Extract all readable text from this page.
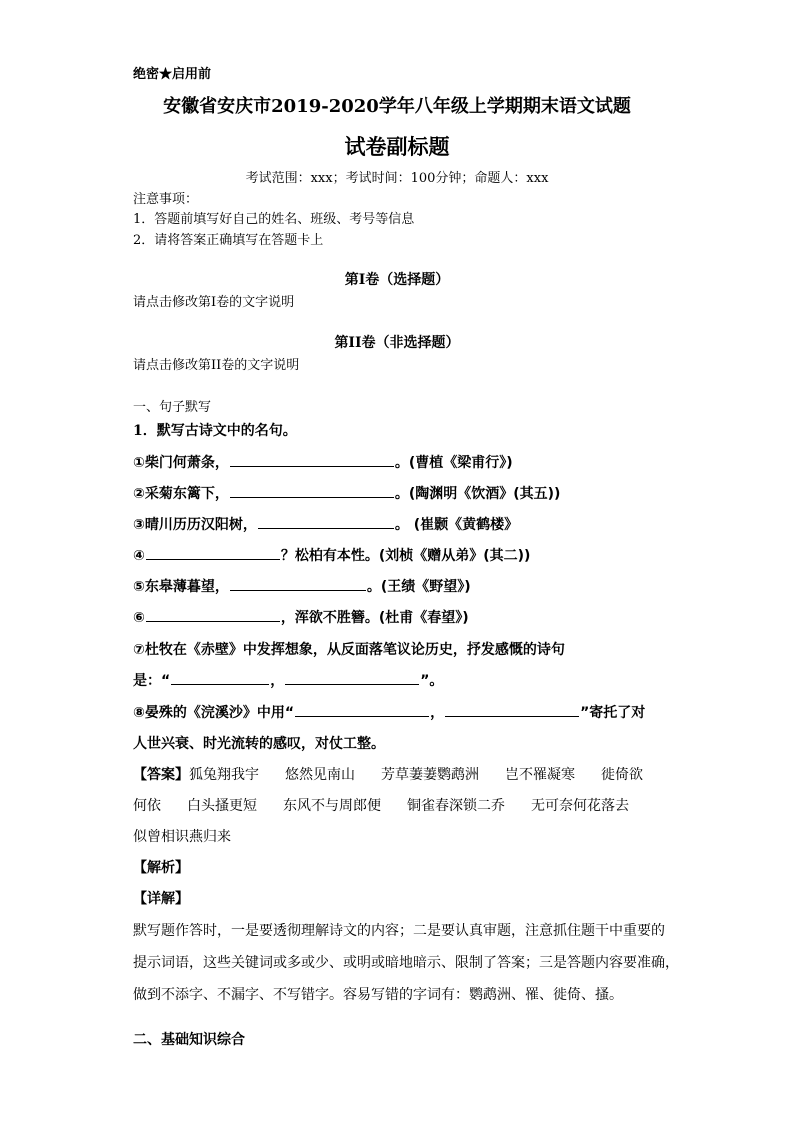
绝密★启用前
安徽省安庆市2019-2020学年八年级上学期期末语文试题
试卷副标题
考试范围：xxx；考试时间：100分钟；命题人：xxx
注意事项：
1．答题前填写好自己的姓名、班级、考号等信息
2．请将答案正确填写在答题卡上
第I卷（选择题）
请点击修改第I卷的文字说明
第II卷（非选择题）
请点击修改第II卷的文字说明
一、句子默写
1．默写古诗文中的名句。
①柴门何萧条，	。(曹植《梁甫行》)
②采菊东篱下，	。(陶渊明《饮酒》(其五))
③晴川历历汉阳树，	。 (崔颢《黄鹤楼》
④	？松柏有本性。(刘桢《赠从弟》(其二))
⑤东皋薄暮望，	。(王绩《野望》)
⑥	，浑欲不胜簪。(杜甫《春望》)
⑦杜牧在《赤壁》中发挥想象，从反面落笔议论历史，抒发感慨的诗句
是：“	，	”。
⑧晏殊的《浣溪沙》中用“	，	”寄托了对
人世兴衰、时光流转的感叹，对仗工整。
【答案】狐兔翔我宇 悠然见南山 芳草萋萋鹦鹉洲 岂不罹凝寒 徙倚欲
何依 白头搔更短 东风不与周郎便 铜雀春深锁二乔 无可奈何花落去
似曾相识燕归来
【解析】
【详解】
默写题作答时，一是要透彻理解诗文的内容；二是要认真审题，注意抓住题干中重要的
提示词语，这些关键词或多或少、或明或暗地暗示、限制了答案；三是答题内容要准确，
做到不添字、不漏字、不写错字。容易写错的字词有：鹦鹉洲、罹、徙倚、搔。
二、基础知识综合
